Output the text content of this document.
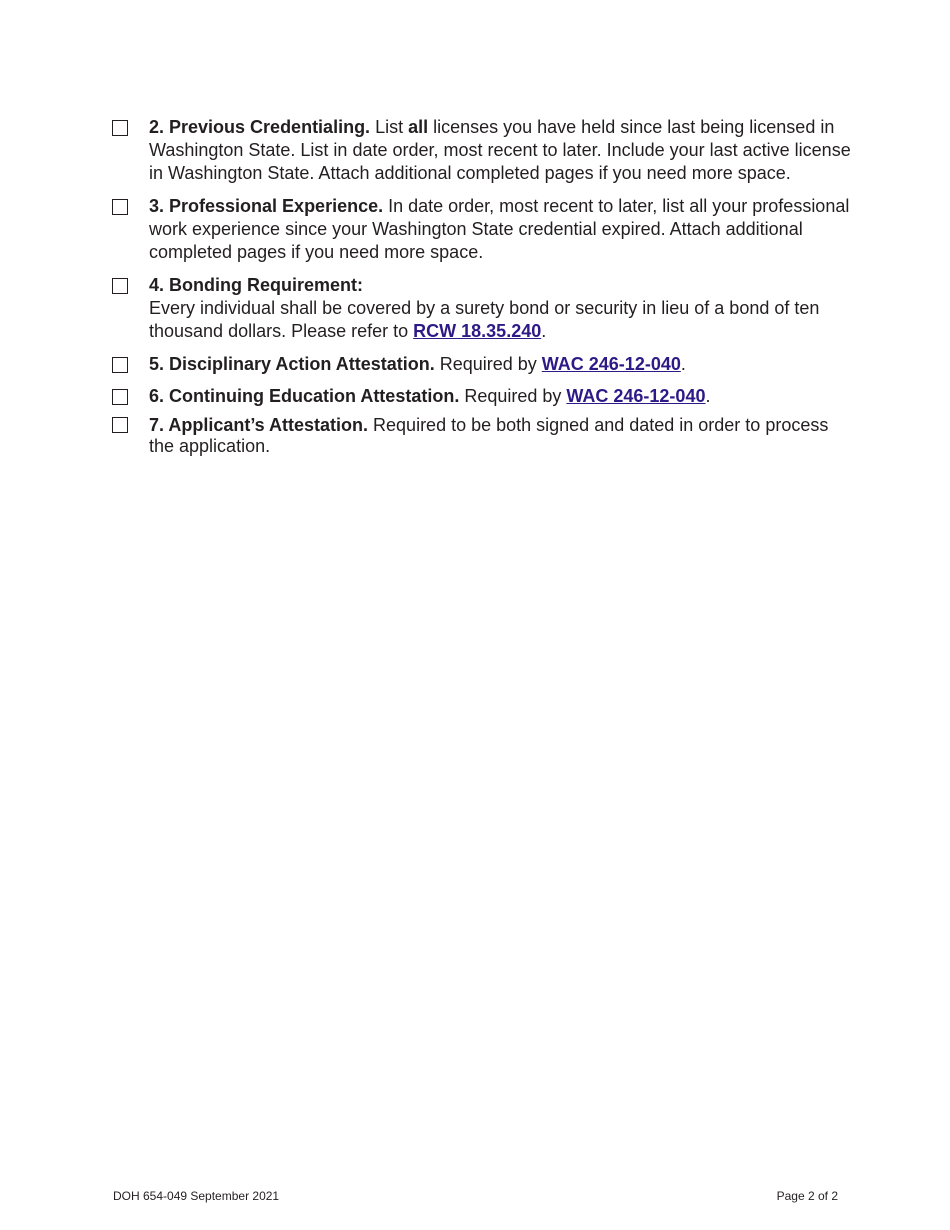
2. Previous Credentialing. List all licenses you have held since last being licensed in Washington State. List in date order, most recent to later. Include your last active license in Washington State. Attach additional completed pages if you need more space.
3. Professional Experience. In date order, most recent to later, list all your professional work experience since your Washington State credential expired. Attach additional completed pages if you need more space.
4. Bonding Requirement:
Every individual shall be covered by a surety bond or security in lieu of a bond of ten thousand dollars. Please refer to RCW 18.35.240.
5. Disciplinary Action Attestation. Required by WAC 246-12-040.
6. Continuing Education Attestation. Required by WAC 246-12-040.
7. Applicant’s Attestation. Required to be both signed and dated in order to process the application.
DOH 654-049 September 2021	Page 2 of 2
